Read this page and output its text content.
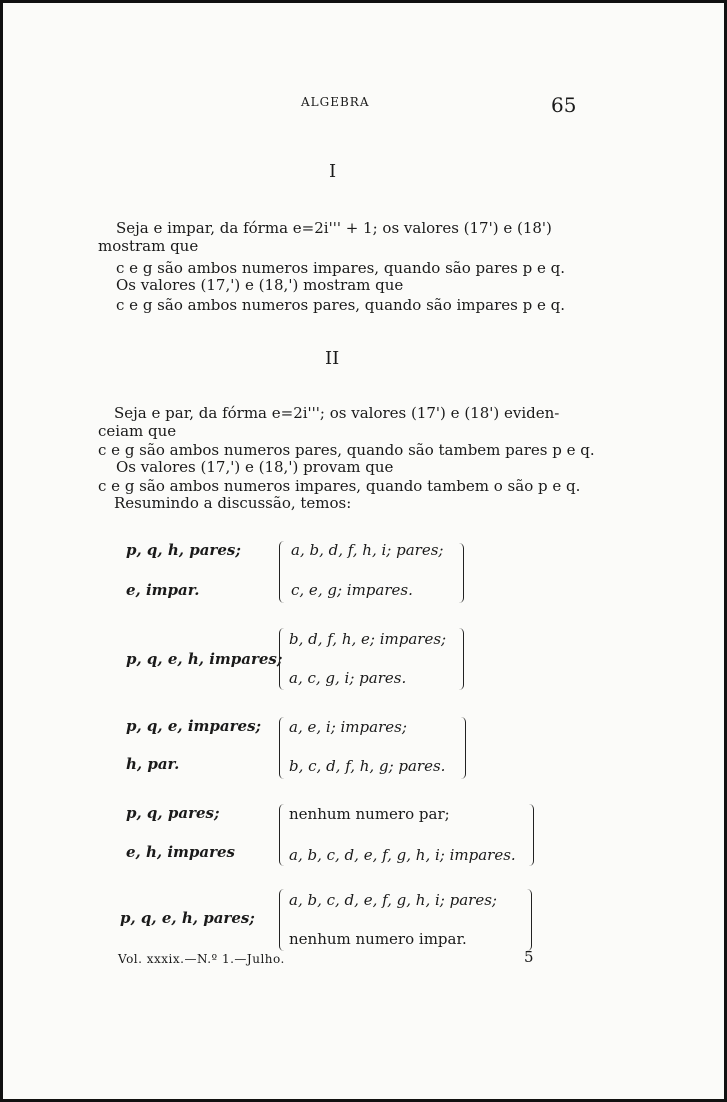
ALGEBRA	65
I
Seja e impar, da fórma e=2i''' + 1; os valores (17') e (18')
mostram que
c e g são ambos numeros impares, quando são pares p e q.
Os valores (17,') e (18,') mostram que
c e g são ambos numeros pares, quando são impares p e q.
II
Seja e par, da fórma e=2i'''; os valores (17') e (18') eviden-
ceiam que
c e g são ambos numeros pares, quando são tambem pares p e q.
Os valores (17,') e (18,') provam que
c e g são ambos numeros impares, quando tambem o são p e q.
Resumindo a discussão, temos:
p, q, h, pares;
e, impar.
a, b, d, f, h, i; pares;
c, e, g; impares.
p, q, e, h, impares;
b, d, f, h, e; impares;
a, c, g, i; pares.
p, q, e, impares;
h, par.
a, e, i; impares;
b, c, d, f, h, g; pares.
p, q, pares;
e, h, impares
nenhum numero par;
a, b, c, d, e, f, g, h, i; impares.
p, q, e, h, pares;
a, b, c, d, e, f, g, h, i; pares;
nenhum numero impar.
Vol. xxxix.—N.º 1.—Julho.	5
